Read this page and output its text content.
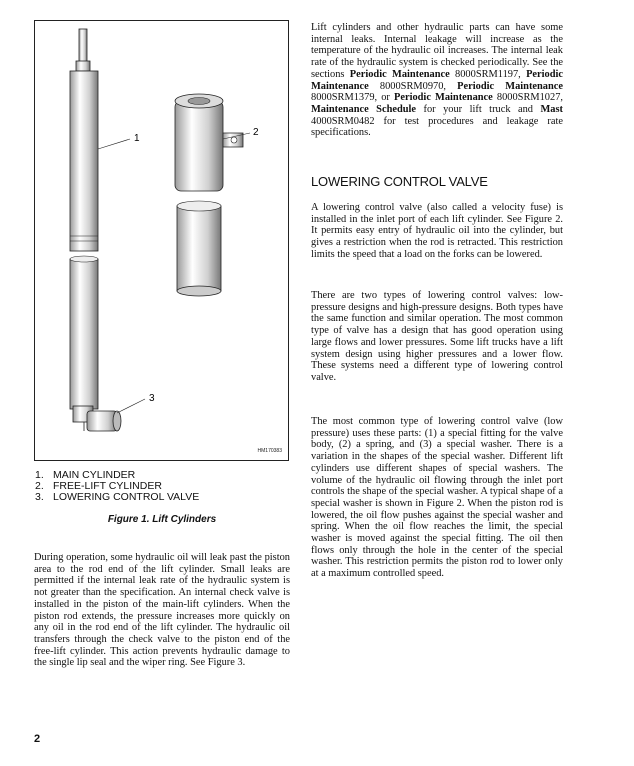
1
2
3
HM170383
1. MAIN CYLINDER
2. FREE-LIFT CYLINDER
3. LOWERING CONTROL VALVE
Figure 1. Lift Cylinders

During operation, some hydraulic oil will leak past the piston area to the rod end of the lift cylinder. Small leaks are permitted if the internal leak rate of the hydraulic system is not greater than the specification. An internal check valve is installed in the piston of the main-lift cylinders. When the piston rod extends, the pressure increases more quickly on any oil in the rod end of the lift cylinder. The hydraulic oil transfers through the check valve to the piston end of the free-lift cylinder. This action prevents hydraulic damage to the single lip seal and the wiper ring. See Figure 3.

Lift cylinders and other hydraulic parts can have some internal leaks. Internal leakage will increase as the temperature of the hydraulic oil increases. The internal leak rate of the hydraulic system is checked periodically. See the sections Periodic Maintenance 8000SRM1197, Periodic Maintenance 8000SRM0970, Periodic Maintenance 8000SRM1379, or Periodic Maintenance 8000SRM1027, Maintenance Schedule for your lift truck and Mast 4000SRM0482 for test procedures and leakage rate specifications.

LOWERING CONTROL VALVE

A lowering control valve (also called a velocity fuse) is installed in the inlet port of each lift cylinder. See Figure 2. It permits easy entry of hydraulic oil into the cylinder, but gives a restriction when the rod is retracted. This restriction limits the speed that a load on the forks can be lowered.

There are two types of lowering control valves: low-pressure designs and high-pressure designs. Both types have the same function and similar operation. The most common type of valve has a design that has good operation using large flows and lower pressures. Some lift trucks have a lift system design using higher pressures and a lower flow. These systems need a different type of lowering control valve.

The most common type of lowering control valve (low pressure) uses these parts: (1) a special fitting for the valve body, (2) a spring, and (3) a special washer. There is a variation in the shapes of the special washer. Different lift cylinders use different shapes of special washers. The volume of the hydraulic oil flowing through the inlet port controls the shape of the special washer. A typical shape of a special washer is shown in Figure 2. When the piston rod is lowered, the oil flow pushes against the special washer and spring. When the oil flow reaches the limit, the special washer is moved against the special fitting. The oil then flows only through the hole in the center of the special washer. This restriction permits the piston rod to lower only at a maximum controlled speed.

2
